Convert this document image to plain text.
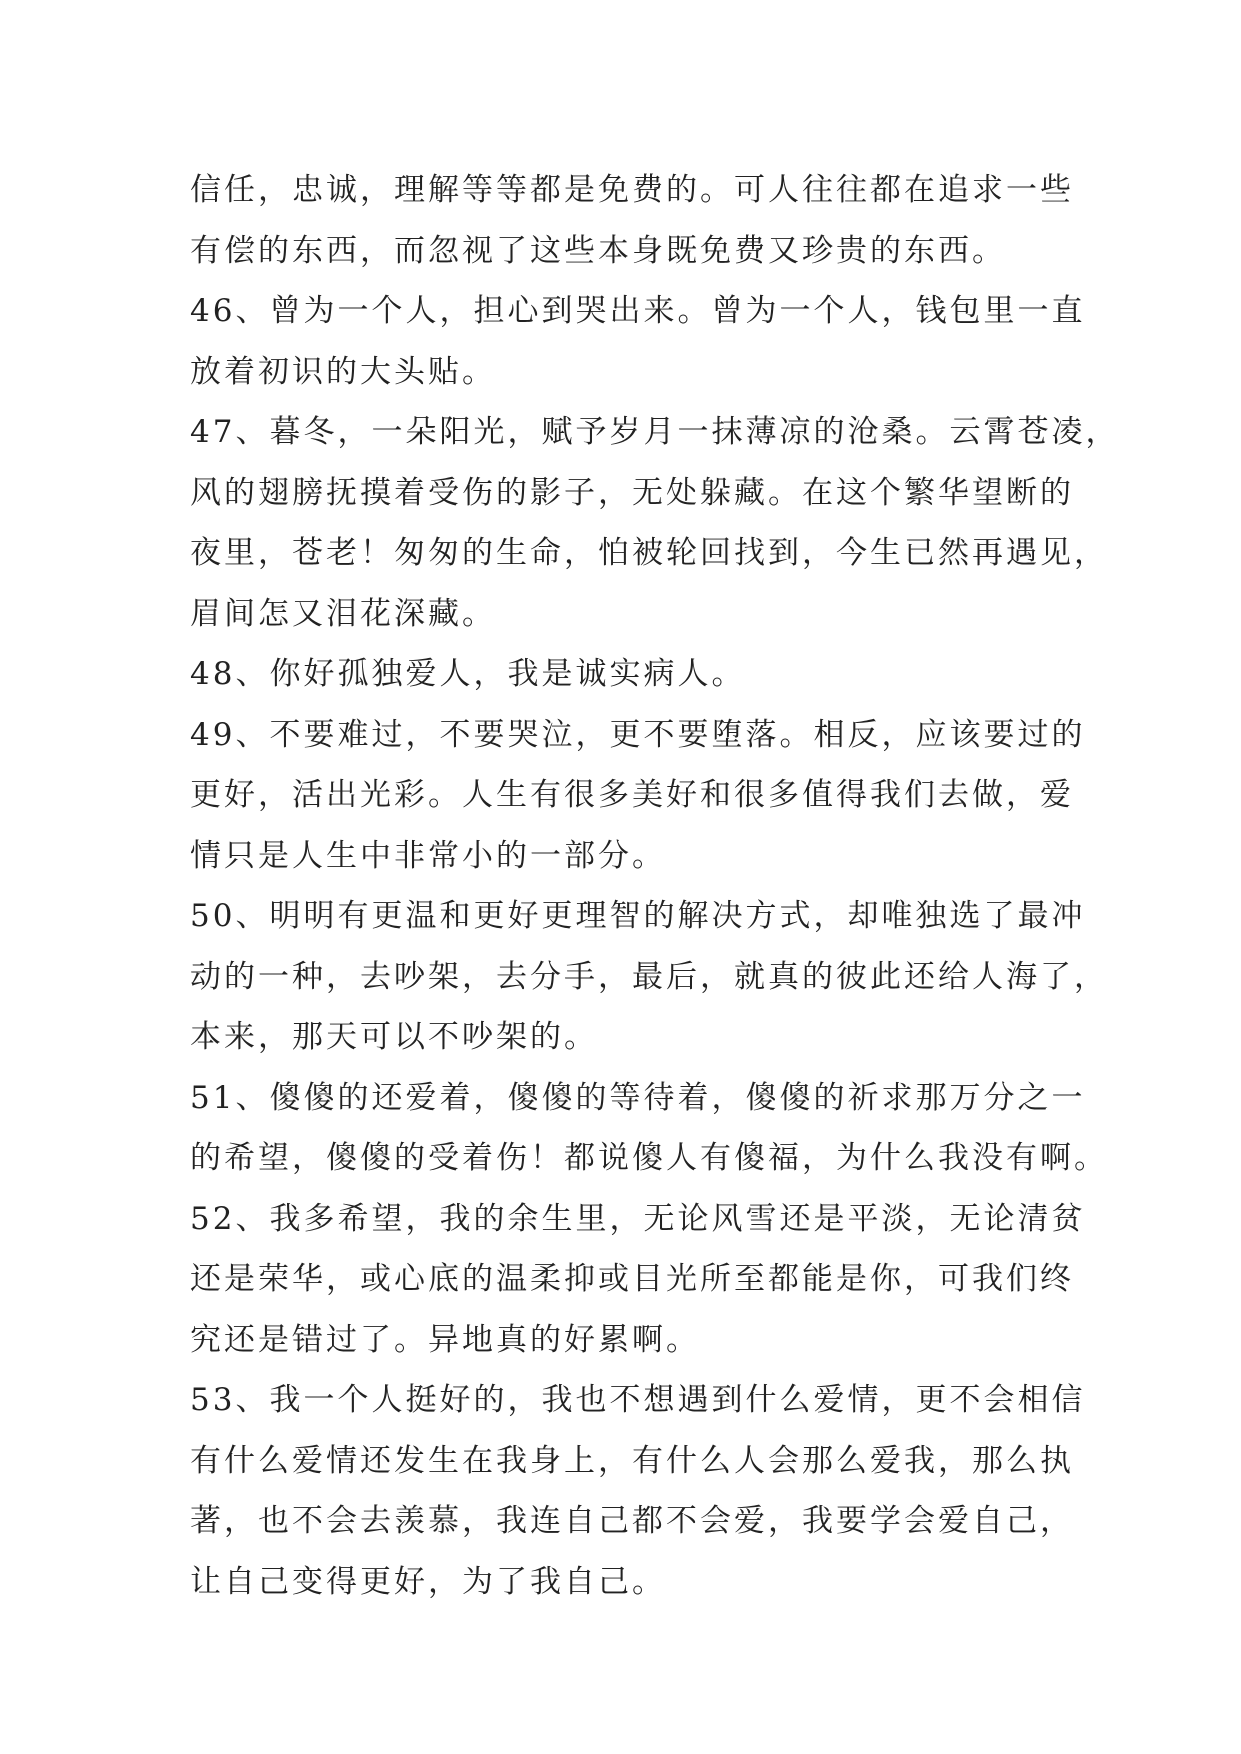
信任，忠诚，理解等等都是免费的。可人往往都在追求一些
有偿的东西，而忽视了这些本身既免费又珍贵的东西。
46、曾为一个人，担心到哭出来。曾为一个人，钱包里一直
放着初识的大头贴。
47、暮冬，一朵阳光，赋予岁月一抹薄凉的沧桑。云霄苍凌，
风的翅膀抚摸着受伤的影子，无处躲藏。在这个繁华望断的
夜里，苍老！匆匆的生命，怕被轮回找到，今生已然再遇见，
眉间怎又泪花深藏。
48、你好孤独爱人，我是诚实病人。
49、不要难过，不要哭泣，更不要堕落。相反，应该要过的
更好，活出光彩。人生有很多美好和很多值得我们去做，爱
情只是人生中非常小的一部分。
50、明明有更温和更好更理智的解决方式，却唯独选了最冲
动的一种，去吵架，去分手，最后，就真的彼此还给人海了，
本来，那天可以不吵架的。
51、傻傻的还爱着，傻傻的等待着，傻傻的祈求那万分之一
的希望，傻傻的受着伤！都说傻人有傻福，为什么我没有啊。
52、我多希望，我的余生里，无论风雪还是平淡，无论清贫
还是荣华，或心底的温柔抑或目光所至都能是你，可我们终
究还是错过了。异地真的好累啊。
53、我一个人挺好的，我也不想遇到什么爱情，更不会相信
有什么爱情还发生在我身上，有什么人会那么爱我，那么执
著，也不会去羡慕，我连自己都不会爱，我要学会爱自己，
让自己变得更好，为了我自己。
